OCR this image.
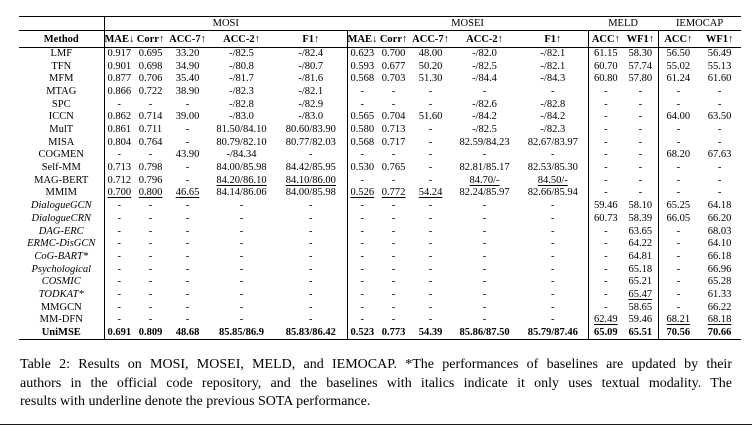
	MOSI					MOSEI					MELD		IEMOCAP	
Method	MAE↓	Corr↑	ACC-7↑	ACC-2↑	F1↑	MAE↓	Corr↑	ACC-7↑	ACC-2↑	F1↑	ACC↑	WF1↑	ACC↑	WF1↑
LMF	0.917	0.695	33.20	-/82.5	-/82.4	0.623	0.700	48.00	-/82.0	-/82.1	61.15	58.30	56.50	56.49
TFN	0.901	0.698	34.90	-/80.8	-/80.7	0.593	0.677	50.20	-/82.5	-/82.1	60.70	57.74	55.02	55.13
MFM	0.877	0.706	35.40	-/81.7	-/81.6	0.568	0.703	51.30	-/84.4	-/84.3	60.80	57.80	61.24	61.60
MTAG	0.866	0.722	38.90	-/82.3	-/82.1	-	-	-	-	-	-	-	-	-
SPC	-	-	-	-/82.8	-/82.9	-	-	-	-/82.6	-/82.8	-	-	-	-
ICCN	0.862	0.714	39.00	-/83.0	-/83.0	0.565	0.704	51.60	-/84.2	-/84.2	-	-	64.00	63.50
MulT	0.861	0.711	-	81.50/84.10	80.60/83.90	0.580	0.713	-	-/82.5	-/82.3	-	-	-	-
MISA	0.804	0.764	-	80.79/82.10	80.77/82.03	0.568	0.717	-	82.59/84.23	82.67/83.97	-	-	-	-
COGMEN	-	-	43.90	-/84.34	-	-	-	-	-	-	-	-	68.20	67.63
Self-MM	0.713	0.798	-	84.00/85.98	84.42/85.95	0.530	0.765	-	82.81/85.17	82.53/85.30	-	-	-	-
MAG-BERT	0.712	0.796	-	84.20/86.10	84.10/86.00	-	-	-	84.70/-	84.50/-	-	-	-	-
MMIM	0.700	0.800	46.65	84.14/86.06	84.00/85.98	0.526	0.772	54.24	82.24/85.97	82.66/85.94	-	-	-	-
DialogueGCN	-	-	-	-	-	-	-	-	-	-	59.46	58.10	65.25	64.18
DialogueCRN	-	-	-	-	-	-	-	-	-	-	60.73	58.39	66.05	66.20
DAG-ERC	-	-	-	-	-	-	-	-	-	-	-	63.65	-	68.03
ERMC-DisGCN	-	-	-	-	-	-	-	-	-	-	-	64.22	-	64.10
CoG-BART*	-	-	-	-	-	-	-	-	-	-	-	64.81	-	66.18
Psychological	-	-	-	-	-	-	-	-	-	-	-	65.18	-	66.96
COSMIC	-	-	-	-	-	-	-	-	-	-	-	65.21	-	65.28
TODKAT*	-	-	-	-	-	-	-	-	-	-	-	65.47	-	61.33
MMGCN	-	-	-	-	-	-	-	-	-	-	-	58.65	-	66.22
MM-DFN	-	-	-	-	-	-	-	-	-	-	62.49	59.46	68.21	68.18
UniMSE	0.691	0.809	48.68	85.85/86.9	85.83/86.42	0.523	0.773	54.39	85.86/87.50	85.79/87.46	65.09	65.51	70.56	70.66
Table 2: Results on MOSI, MOSEI, MELD, and IEMOCAP. *The performances of baselines are updated by their
authors in the official code repository, and the baselines with italics indicate it only uses textual modality. The
results with underline denote the previous SOTA performance.
